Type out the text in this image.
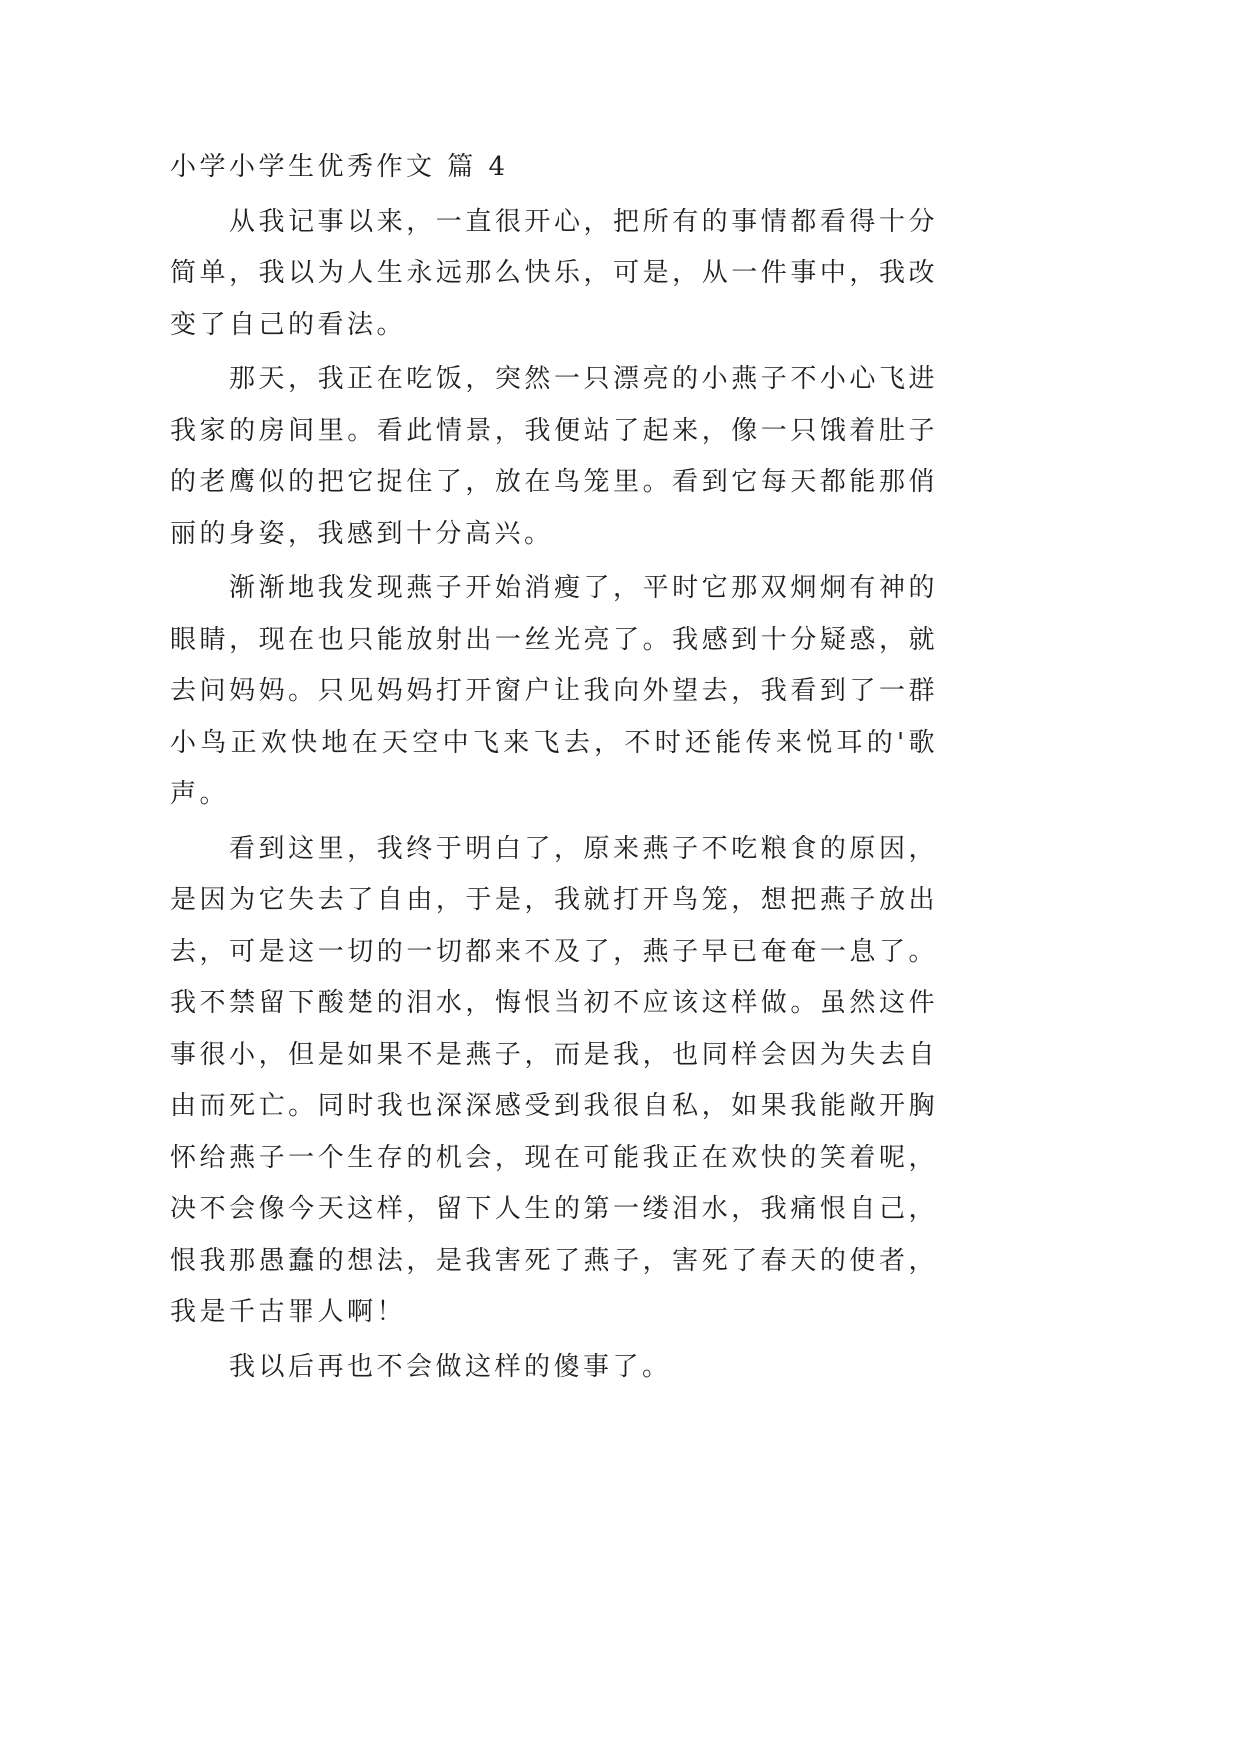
小学小学生优秀作文 篇 4
从我记事以来，一直很开心，把所有的事情都看得十分
简单，我以为人生永远那么快乐，可是，从一件事中，我改
变了自己的看法。
那天，我正在吃饭，突然一只漂亮的小燕子不小心飞进
我家的房间里。看此情景，我便站了起来，像一只饿着肚子
的老鹰似的把它捉住了，放在鸟笼里。看到它每天都能那俏
丽的身姿，我感到十分高兴。
渐渐地我发现燕子开始消瘦了，平时它那双炯炯有神的
眼睛，现在也只能放射出一丝光亮了。我感到十分疑惑，就
去问妈妈。只见妈妈打开窗户让我向外望去，我看到了一群
小鸟正欢快地在天空中飞来飞去，不时还能传来悦耳的'歌
声。
看到这里，我终于明白了，原来燕子不吃粮食的原因，
是因为它失去了自由，于是，我就打开鸟笼，想把燕子放出
去，可是这一切的一切都来不及了，燕子早已奄奄一息了。
我不禁留下酸楚的泪水，悔恨当初不应该这样做。虽然这件
事很小，但是如果不是燕子，而是我，也同样会因为失去自
由而死亡。同时我也深深感受到我很自私，如果我能敞开胸
怀给燕子一个生存的机会，现在可能我正在欢快的笑着呢，
决不会像今天这样，留下人生的第一缕泪水，我痛恨自己，
恨我那愚蠢的想法，是我害死了燕子，害死了春天的使者，
我是千古罪人啊！
我以后再也不会做这样的傻事了。
